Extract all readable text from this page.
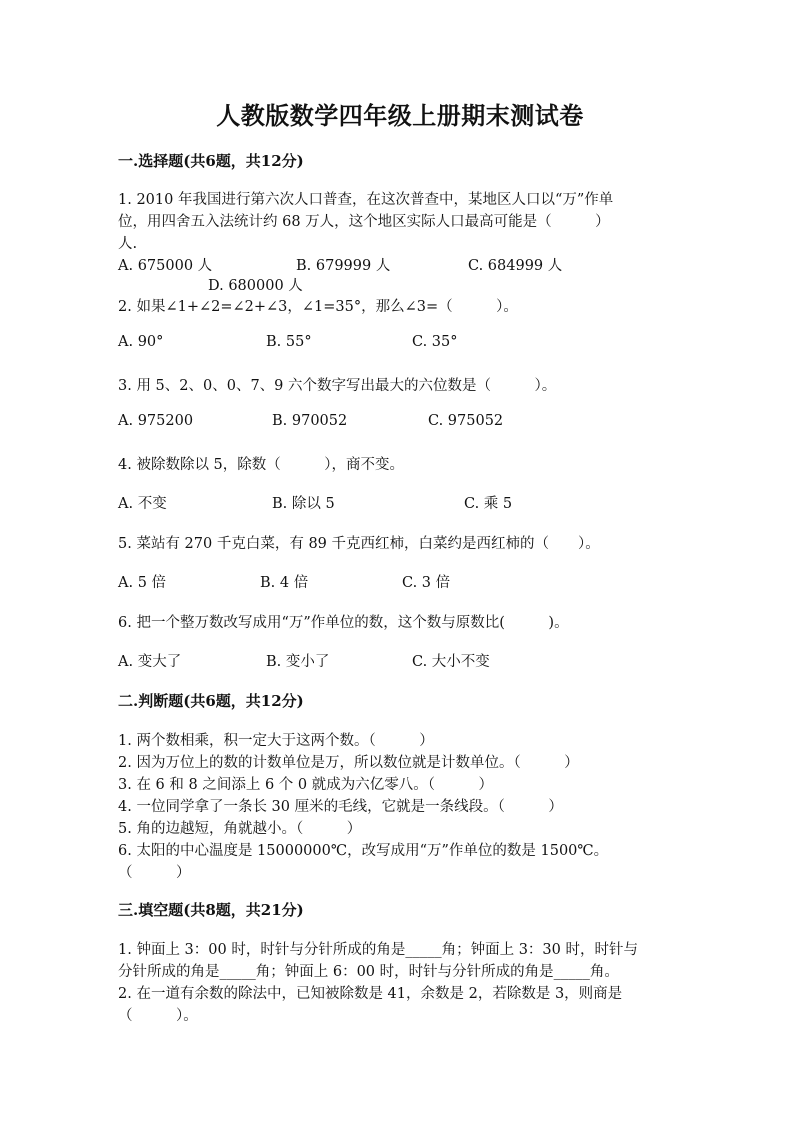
人教版数学四年级上册期末测试卷
一.选择题(共6题，共12分)
1. 2010 年我国进行第六次人口普查，在这次普查中，某地区人口以“万”作单
位，用四舍五入法统计约 68 万人，这个地区实际人口最高可能是（　　　）
人.
A. 675000 人	B. 679999 人	C. 684999 人
D. 680000 人
2. 如果∠1+∠2=∠2+∠3，∠1=35°，那么∠3=（　　　）。
A. 90°	B. 55°	C. 35°
3. 用 5、2、0、0、7、9 六个数字写出最大的六位数是（　　　）。
A. 975200	B. 970052	C. 975052
4. 被除数除以 5，除数（　　　），商不变。
A. 不变	B. 除以 5	C. 乘 5
5. 菜站有 270 千克白菜，有 89 千克西红柿，白菜约是西红柿的（　　）。
A. 5 倍	B. 4 倍	C. 3 倍
6. 把一个整万数改写成用“万”作单位的数，这个数与原数比(　　　)。
A. 变大了	B. 变小了	C. 大小不变
二.判断题(共6题，共12分)
1. 两个数相乘，积一定大于这两个数。（　　　）
2. 因为万位上的数的计数单位是万，所以数位就是计数单位。（　　　）
3. 在 6 和 8 之间添上 6 个 0 就成为六亿零八。（　　　）
4. 一位同学拿了一条长 30 厘米的毛线，它就是一条线段。（　　　）
5. 角的边越短，角就越小。（　　　）
6. 太阳的中心温度是 15000000℃，改写成用“万”作单位的数是 1500℃。
（　　　）
三.填空题(共8题，共21分)
1. 钟面上 3：00 时，时针与分针所成的角是_____角；钟面上 3：30 时，时针与
分针所成的角是_____角；钟面上 6：00 时，时针与分针所成的角是_____角。
2. 在一道有余数的除法中，已知被除数是 41，余数是 2，若除数是 3，则商是
（　　　）。
